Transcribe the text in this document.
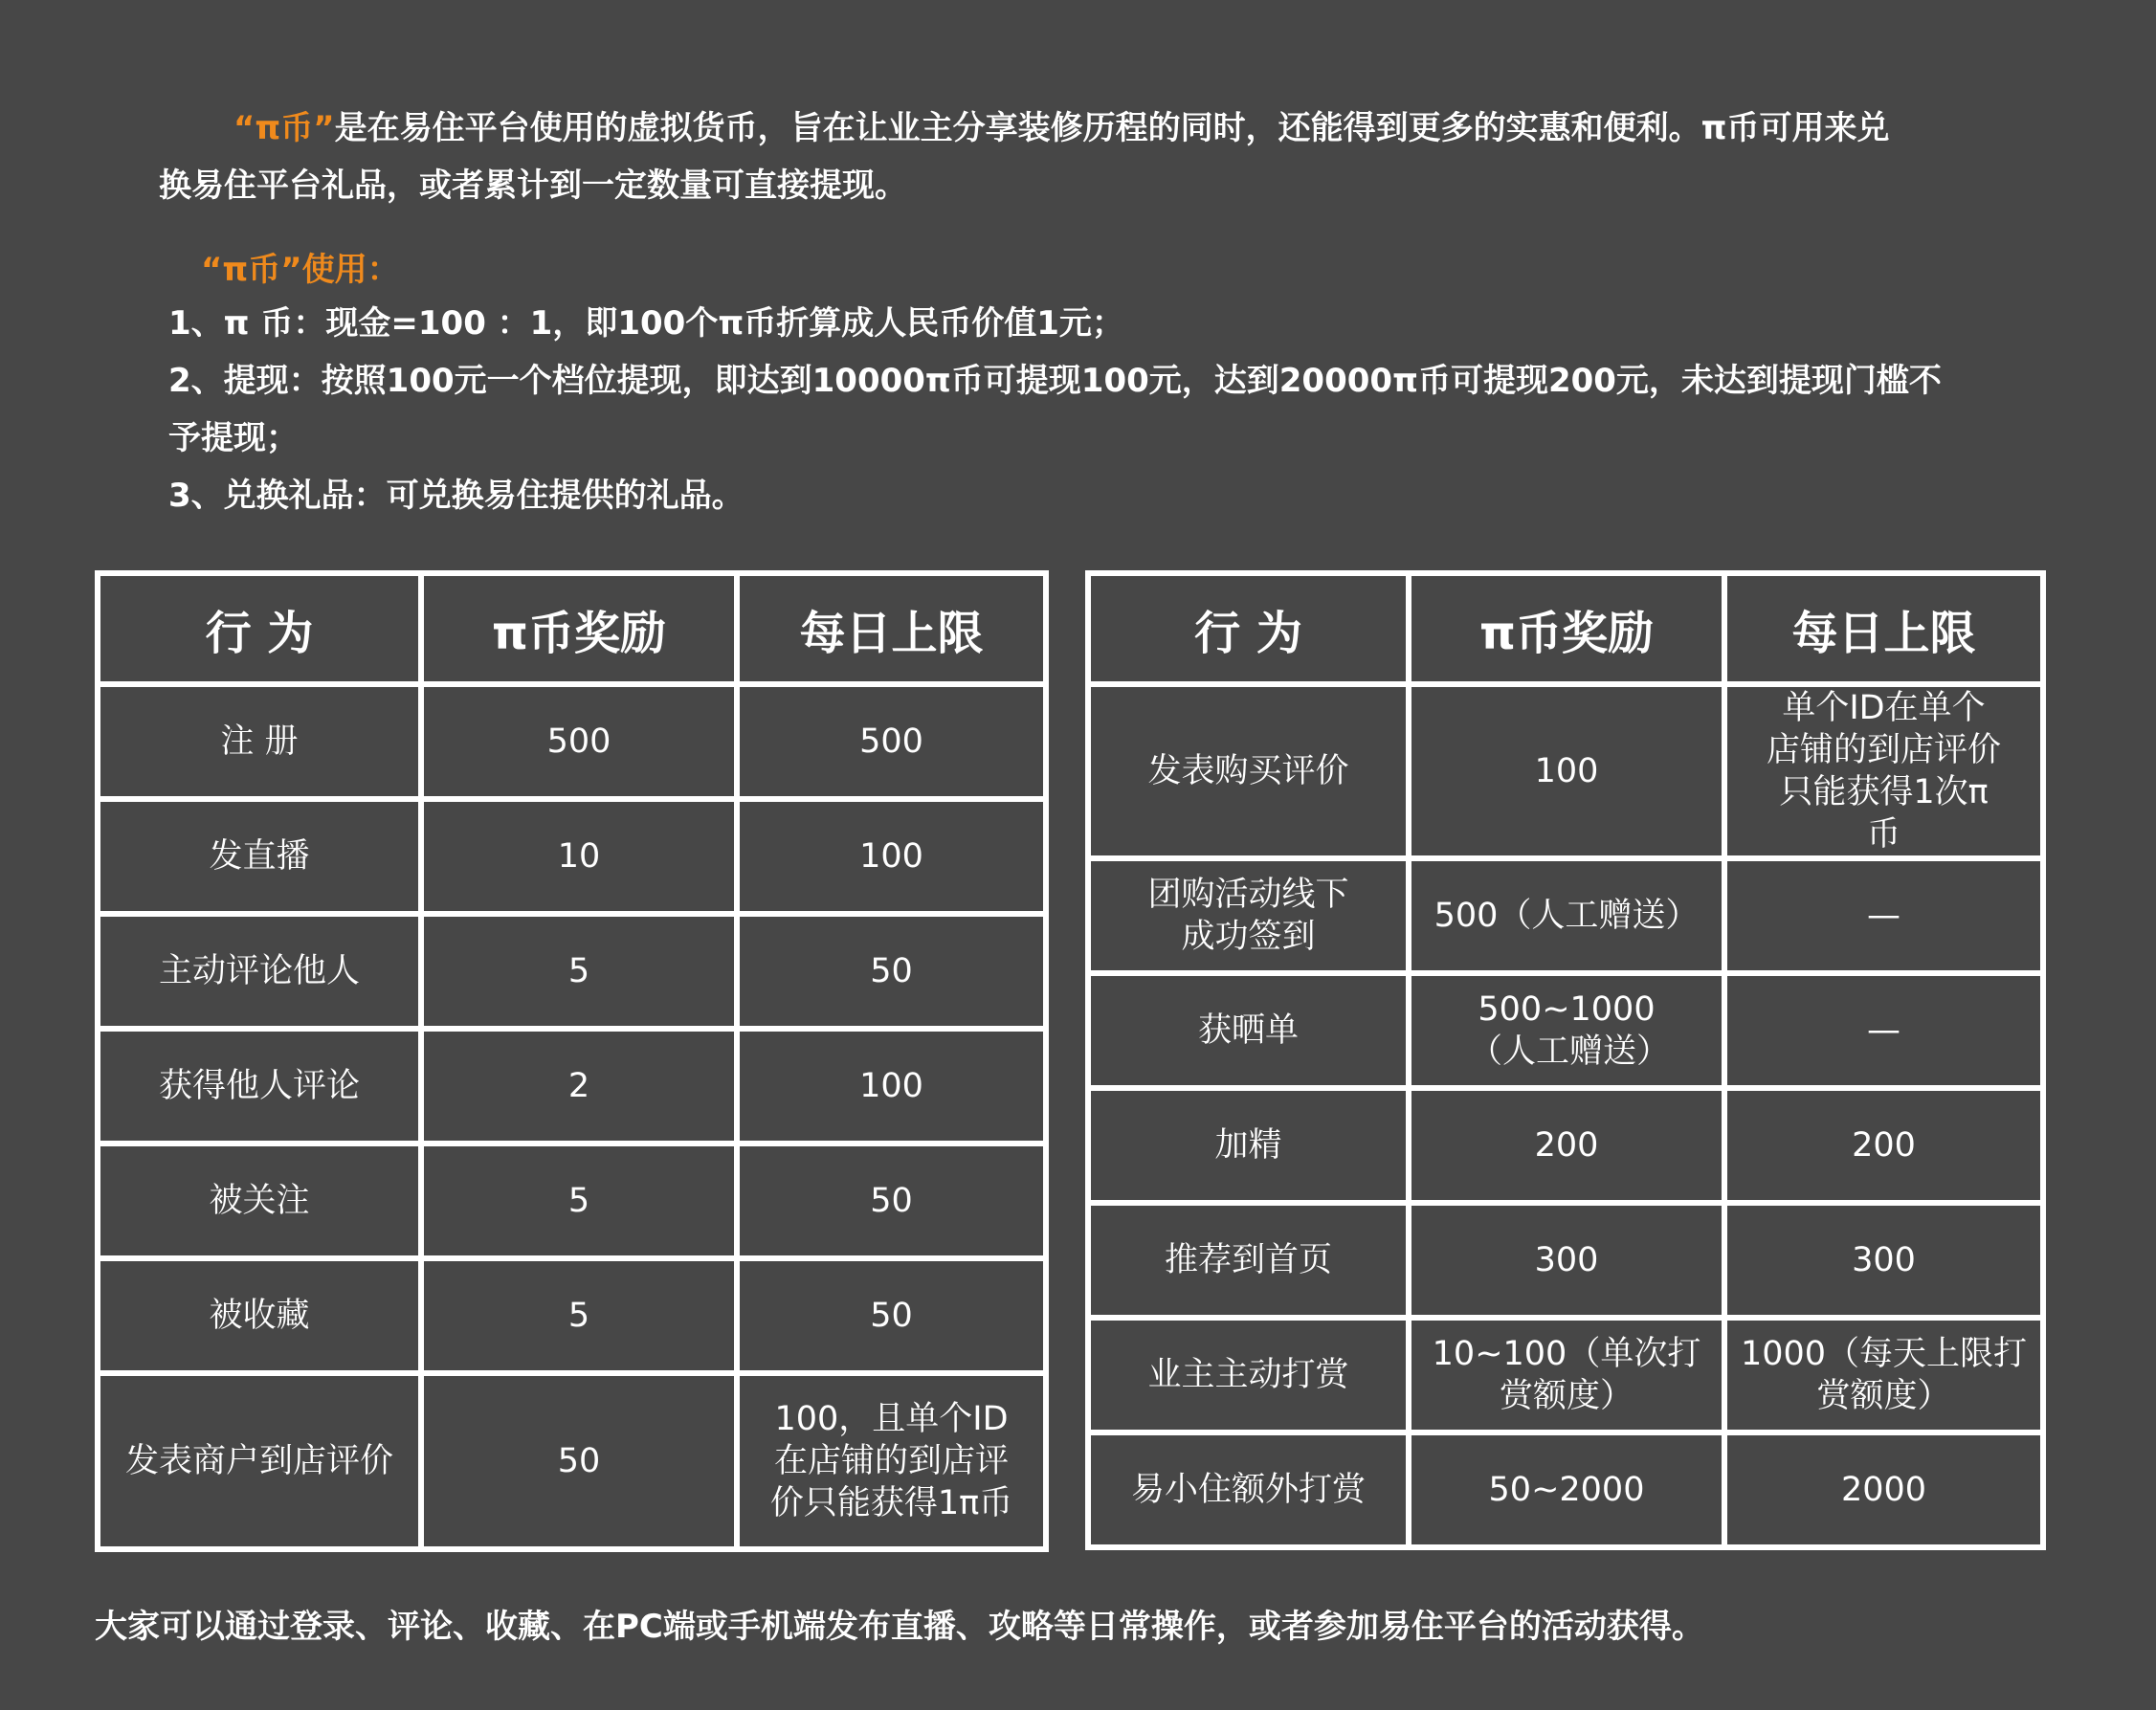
“π币”是在易住平台使用的虚拟货币，旨在让业主分享装修历程的同时，还能得到更多的实惠和便利。π币可用来兑
换易住平台礼品，或者累计到一定数量可直接提现。
“π币”使用：
1、π 币：现金=100 ：1，即100个π币折算成人民币价值1元；
2、提现：按照100元一个档位提现，即达到10000π币可提现100元，达到20000π币可提现200元，未达到提现门槛不
予提现；
3、兑换礼品：可兑换易住提供的礼品。
行 为	π币奖励	每日上限
注 册	500	500
发直播	10	100
主动评论他人	5	50
获得他人评论	2	100
被关注	5	50
被收藏	5	50
发表商户到店评价	50	100，且单个ID在店铺的到店评价只能获得1π币
行 为	π币奖励	每日上限
发表购买评价	100	单个ID在单个店铺的到店评价只能获得1次π币
团购活动线下成功签到	500（人工赠送）	—
获晒单	500~1000（人工赠送）	—
加精	200	200
推荐到首页	300	300
业主主动打赏	10~100（单次打赏额度）	1000（每天上限打赏额度）
易小住额外打赏	50~2000	2000
大家可以通过登录、评论、收藏、在PC端或手机端发布直播、攻略等日常操作，或者参加易住平台的活动获得。
